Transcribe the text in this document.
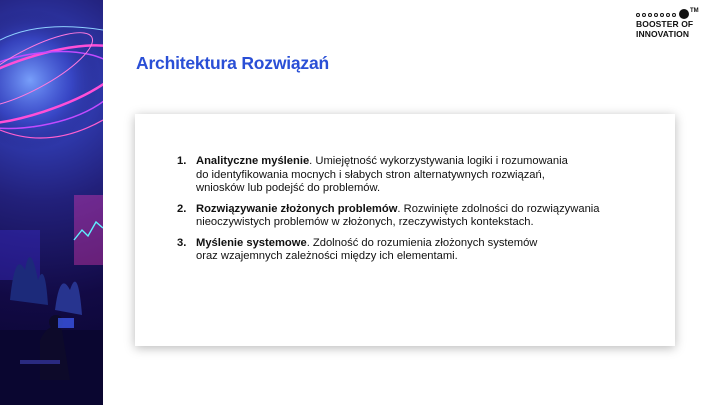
Architektura Rozwiązań
TM
BOOSTER OF
INNOVATION
1. Analityczne myślenie. Umiejętność wykorzystywania logiki i rozumowania
do identyfikowania mocnych i słabych stron alternatywnych rozwiązań,
wniosków lub podejść do problemów.
2. Rozwiązywanie złożonych problemów. Rozwinięte zdolności do rozwiązywania
nieoczywistych problemów w złożonych, rzeczywistych kontekstach.
3. Myślenie systemowe. Zdolność do rozumienia złożonych systemów
oraz wzajemnych zależności między ich elementami.
